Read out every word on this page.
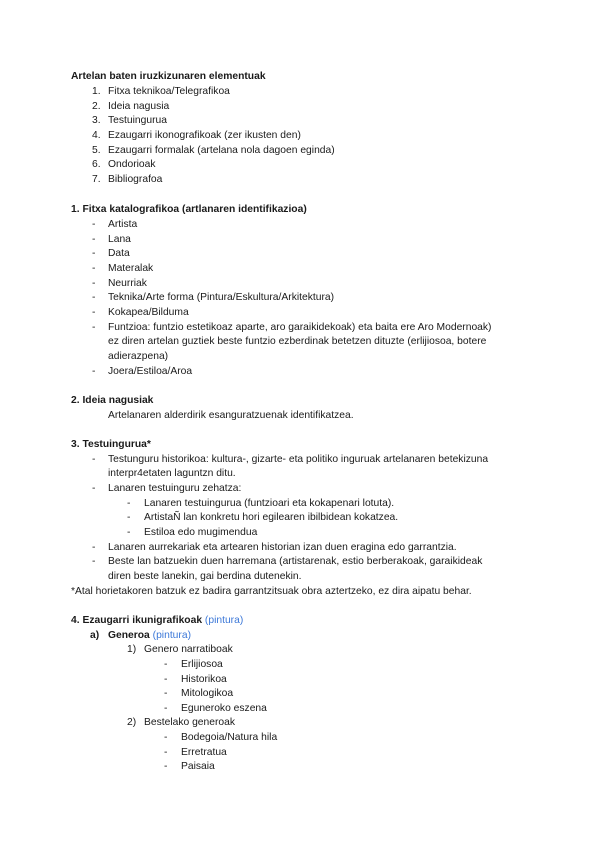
Artelan baten iruzkizunaren elementuak
1. Fitxa teknikoa/Telegrafikoa
2. Ideia nagusia
3. Testuingurua
4. Ezaugarri ikonografikoak (zer ikusten den)
5. Ezaugarri formalak (artelana nola dagoen eginda)
6. Ondorioak
7. Bibliografoa
1. Fitxa katalografikoa (artlanaren identifikazioa)
- Artista
- Lana
- Data
- Materalak
- Neurriak
- Teknika/Arte forma (Pintura/Eskultura/Arkitektura)
- Kokapea/Bilduma
- Funtzioa: funtzio estetikoaz aparte, aro garaikidekoak) eta baita ere Aro Modernoak)
ez diren artelan guztiek beste funtzio ezberdinak betetzen dituzte (erlijiosoa, botere
adierazpena)
- Joera/Estiloa/Aroa
2. Ideia nagusiak
Artelanaren alderdirik esanguratzuenak identifikatzea.
3. Testuingurua*
- Testunguru historikoa: kultura-, gizarte- eta politiko inguruak artelanaren betekizuna
interpr4etaten laguntzn ditu.
- Lanaren testuinguru zehatza:
- Lanaren testuingurua (funtzioari eta kokapenari lotuta).
- ArtistaÑ lan konkretu hori egilearen ibilbidean kokatzea.
- Estiloa edo mugimendua
- Lanaren aurrekariak eta artearen historian izan duen eragina edo garrantzia.
- Beste lan batzuekin duen harremana (artistarenak, estio berberakoak, garaikideak
diren beste lanekin, gai berdina dutenekin.
*Atal horietakoren batzuk ez badira garrantzitsuak obra aztertzeko, ez dira aipatu behar.
4. Ezaugarri ikunigrafikoak (pintura)
a) Generoa (pintura)
1) Genero narratiboak
- Erlijiosoa
- Historikoa
- Mitologikoa
- Eguneroko eszena
2) Bestelako generoak
- Bodegoia/Natura hila
- Erretratua
- Paisaia
